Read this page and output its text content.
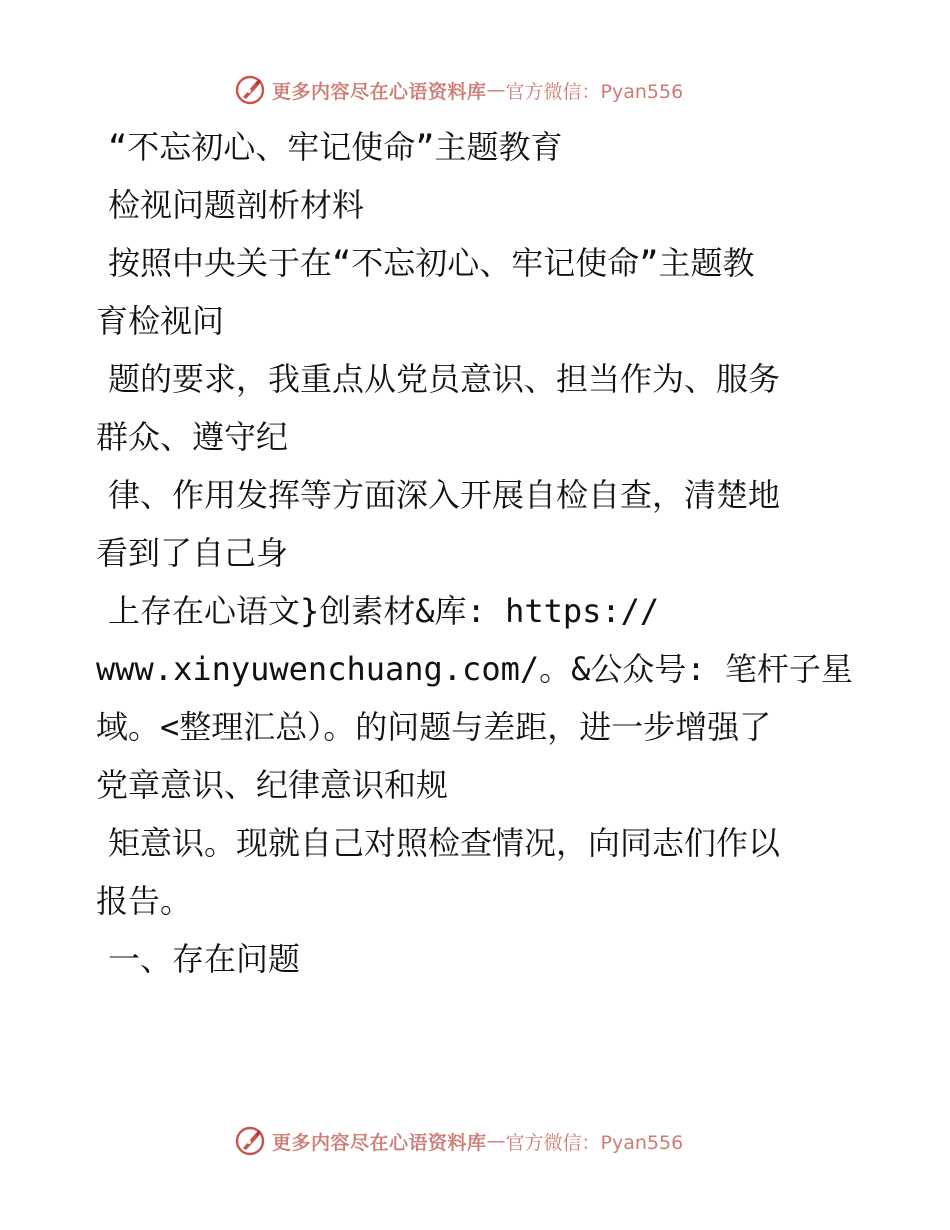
更多内容尽在心语资料库 — 官方微信：Pyan556

“不忘初心、牢记使命”主题教育

检视问题剖析材料

按照中央关于在“不忘初心、牢记使命”主题教

育检视问

题的要求，我重点从党员意识、担当作为、服务

群众、遵守纪

律、作用发挥等方面深入开展自检自查，清楚地

看到了自己身

上存在心语文}创素材&库: https://

www.xinyuwenchuang.com/。&公众号: 笔杆子星

域。<整理汇总）。的问题与差距，进一步增强了

党章意识、纪律意识和规

矩意识。现就自己对照检查情况，向同志们作以

报告。

一、存在问题

更多内容尽在心语资料库 — 官方微信：Pyan556
